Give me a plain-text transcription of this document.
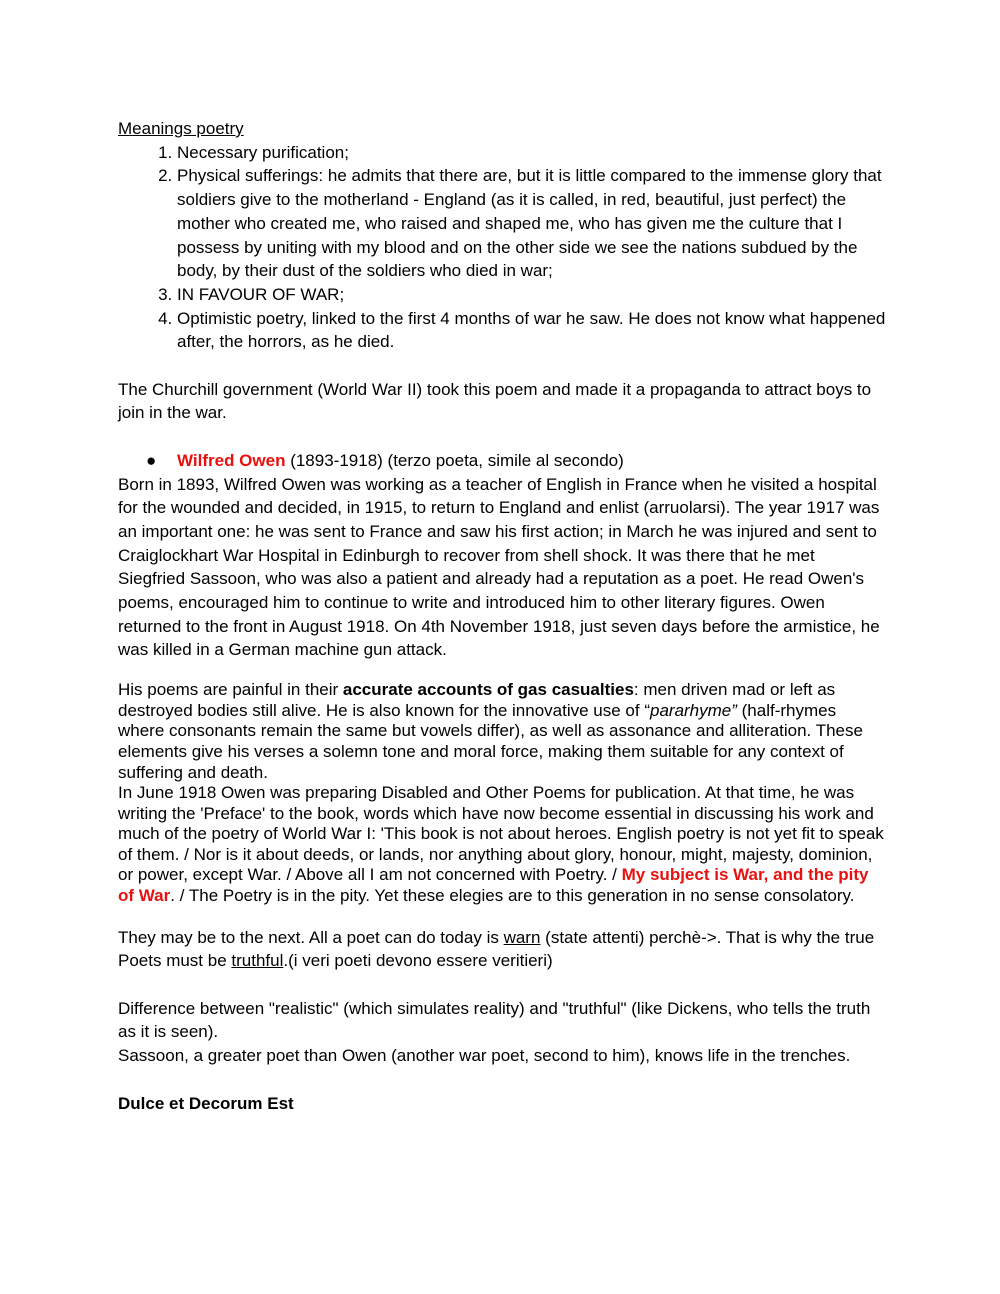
Meanings poetry
1. Necessary purification;
2. Physical sufferings: he admits that there are, but it is little compared to the immense glory that soldiers give to the motherland - England (as it is called, in red, beautiful, just perfect) the mother who created me, who raised and shaped me, who has given me the culture that I possess by uniting with my blood and on the other side we see the nations subdued by the body, by their dust of the soldiers who died in war;
3. IN FAVOUR OF WAR;
4. Optimistic poetry, linked to the first 4 months of war he saw. He does not know what happened after, the horrors, as he died.

The Churchill government (World War II) took this poem and made it a propaganda to attract boys to join in the war.

● Wilfred Owen (1893-1918) (terzo poeta, simile al secondo)

Born in 1893, Wilfred Owen was working as a teacher of English in France when he visited a hospital for the wounded and decided, in 1915, to return to England and enlist (arruolarsi). The year 1917 was an important one: he was sent to France and saw his first action; in March he was injured and sent to Craiglockhart War Hospital in Edinburgh to recover from shell shock. It was there that he met Siegfried Sassoon, who was also a patient and already had a reputation as a poet. He read Owen's poems, encouraged him to continue to write and introduced him to other literary figures. Owen returned to the front in August 1918. On 4th November 1918, just seven days before the armistice, he was killed in a German machine gun attack.

His poems are painful in their accurate accounts of gas casualties: men driven mad or left as destroyed bodies still alive. He is also known for the innovative use of “pararhyme” (half-rhymes where consonants remain the same but vowels differ), as well as assonance and alliteration. These elements give his verses a solemn tone and moral force, making them suitable for any context of suffering and death.

In June 1918 Owen was preparing Disabled and Other Poems for publication. At that time, he was writing the 'Preface' to the book, words which have now become essential in discussing his work and much of the poetry of World War I: 'This book is not about heroes. English poetry is not yet fit to speak of them. / Nor is it about deeds, or lands, nor anything about glory, honour, might, majesty, dominion, or power, except War. / Above all I am not concerned with Poetry. / My subject is War, and the pity of War. / The Poetry is in the pity. Yet these elegies are to this generation in no sense consolatory.

They may be to the next. All a poet can do today is warn (state attenti) perchè->. That is why the true Poets must be truthful.(i veri poeti devono essere veritieri)

Difference between "realistic" (which simulates reality) and "truthful" (like Dickens, who tells the truth as it is seen).

Sassoon, a greater poet than Owen (another war poet, second to him), knows life in the trenches.

Dulce et Decorum Est
